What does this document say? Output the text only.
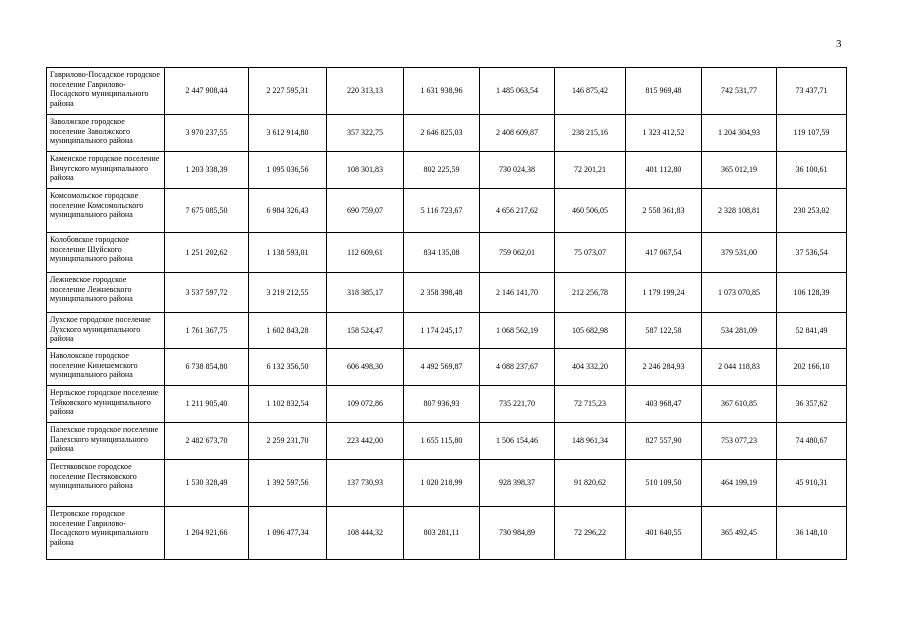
3
Гаврилово-Посадское городское поселение Гаврилово-Посадского муниципального района	2 447 908,44	2 227 595,31	220 313,13	1 631 938,96	1 485 063,54	146 875,42	815 969,48	742 531,77	73 437,71
Заволжское городское поселение Заволжского муниципального района	3 970 237,55	3 612 914,80	357 322,75	2 646 825,03	2 408 609,87	238 215,16	1 323 412,52	1 204 304,93	119 107,59
Каменское городское поселение Вичугского муниципального района	1 203 338,39	1 095 036,56	108 301,83	802 225,59	730 024,38	72 201,21	401 112,80	365 012,19	36 100,61
Комсомольское городское поселение Комсомольского муниципального района	7 675 085,50	6 984 326,43	690 759,07	5 116 723,67	4 656 217,62	460 506,05	2 558 361,83	2 328 108,81	230 253,02
Колобовское городское поселение Шуйского муниципального района	1 251 202,62	1 138 593,01	112 609,61	834 135,08	759 062,01	75 073,07	417 067,54	379 531,00	37 536,54
Лежневское городское поселение Лежневского муниципального района	3 537 597,72	3 219 212,55	318 385,17	2 358 398,48	2 146 141,70	212 256,78	1 179 199,24	1 073 070,85	106 128,39
Лухское городское поселение Лухского муниципального района	1 761 367,75	1 602 843,28	158 524,47	1 174 245,17	1 068 562,19	105 682,98	587 122,58	534 281,09	52 841,49
Наволокское городское поселение Кинешемского муниципального района	6 738 854,80	6 132 356,50	606 498,30	4 492 569,87	4 088 237,67	404 332,20	2 246 284,93	2 044 118,83	202 166,10
Нерльское городское поселение Тейковского муниципального района	1 211 905,40	1 102 832,54	109 072,86	807 936,93	735 221,70	72 715,23	403 968,47	367 610,85	36 357,62
Палехское городское поселение Палехского муниципального района	2 482 673,70	2 259 231,70	223 442,00	1 655 115,80	1 506 154,46	148 961,34	827 557,90	753 077,23	74 480,67
Пестяковское городское поселение Пестяковского муниципального района	1 530 328,49	1 392 597,56	137 730,93	1 020 218,99	928 398,37	91 820,62	510 109,50	464 199,19	45 910,31
Петровское городское поселение Гаврилово-Посадского муниципального района	1 204 921,66	1 096 477,34	108 444,32	803 281,11	730 984,89	72 296,22	401 640,55	365 492,45	36 148,10
